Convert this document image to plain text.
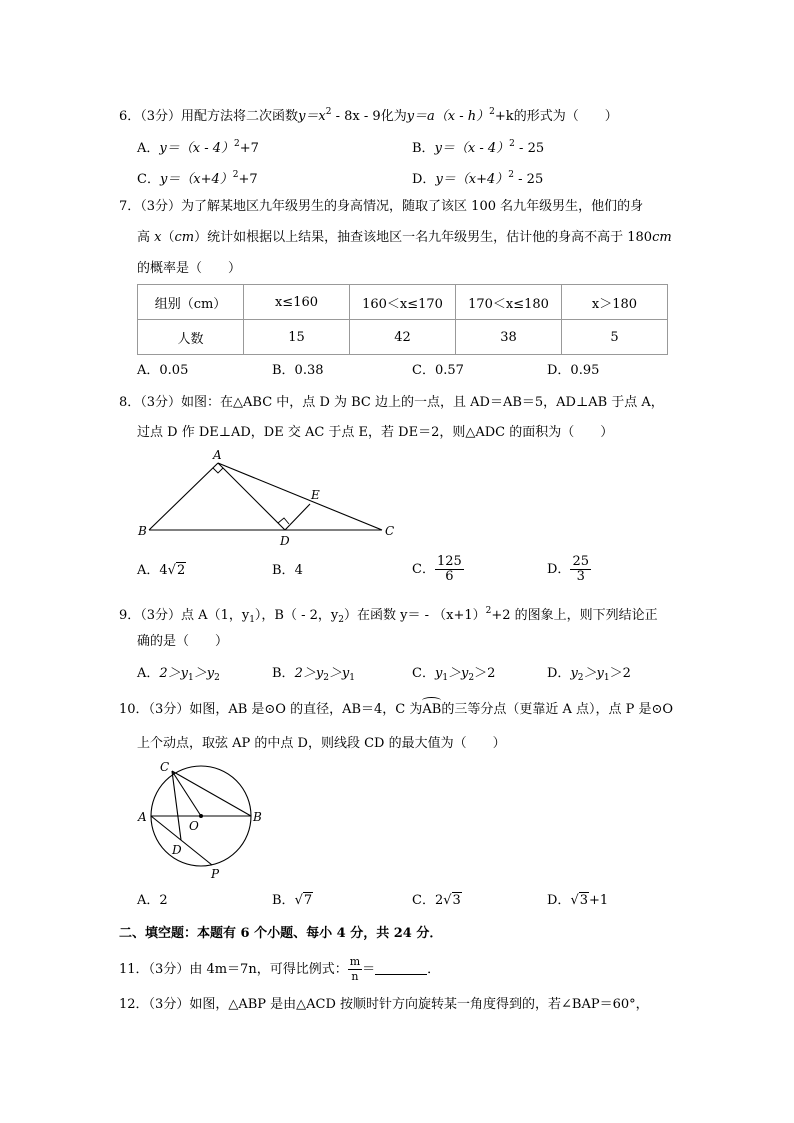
6．（3分）用配方法将二次函数$y=x^2 - 8x - 9$化为y＝a（x - h）$^2$+k的形式为（　　）
A．y＝（x - 4）$^2$+7	B．y＝（x - 4）$^2$ - 25
C．$y=(x+4)^2+7$	D．$y=(x+4)^2 - 25$
7．（3分）为了解某地区九年级男生的身高情况，随取了该区 100 名九年级男生，他们的身
高 x（cm）统计如根据以上结果，抽查该地区一名九年级男生，估计他的身高不高于 180cm
的概率是（　　）
组别（cm）	x≤160	160＜x≤170	170＜x≤180	x＞180
人数	15	42	38	5
A．0.05	B．0.38	C．0.57	D．0.95
8．（3分）如图：在△ABC 中，点 D 为 BC 边上的一点，且 AD＝AB＝5，AD⊥AB 于点 A，
过点 D 作 DE⊥AD，DE 交 AC 于点 E，若 DE＝2，则△ADC 的面积为（　　）
A
B	C
D
E
A．4√2	B．4	C． $\frac{125}{6}$	D． $\frac{25}{3}$
9．（3分）点 A（1，$y_1$），B（ - 2，$y_2$）在函数 $y= - (x+1)^2+2$ 的图象上，则下列结论正
确的是（　　）
A．$2>y_1>y_2$	B．$2>y_2>y_1$	C．$y_1>y_2>2$	D．$y_2>y_1>2$
10．（3分）如图，AB 是⊙O 的直径，AB＝4，C 为AB的三等分点（更靠近 A 点），点 P 是⊙O
上个动点，取弦 AP 的中点 D，则线段 CD 的最大值为（　　）
C
A	B
O
D
P
A．2	B．√7	C．2√3	D．√3+1
二、填空题：本题有 6 个小题、每小 4 分，共 24 分．
11．（3分）由 4m＝7n，可得比例式： $\frac{m}{n}$ ＝	．
12．（3分）如图，△ABP 是由△ACD 按顺时针方向旋转某一角度得到的，若∠BAP＝60°，
